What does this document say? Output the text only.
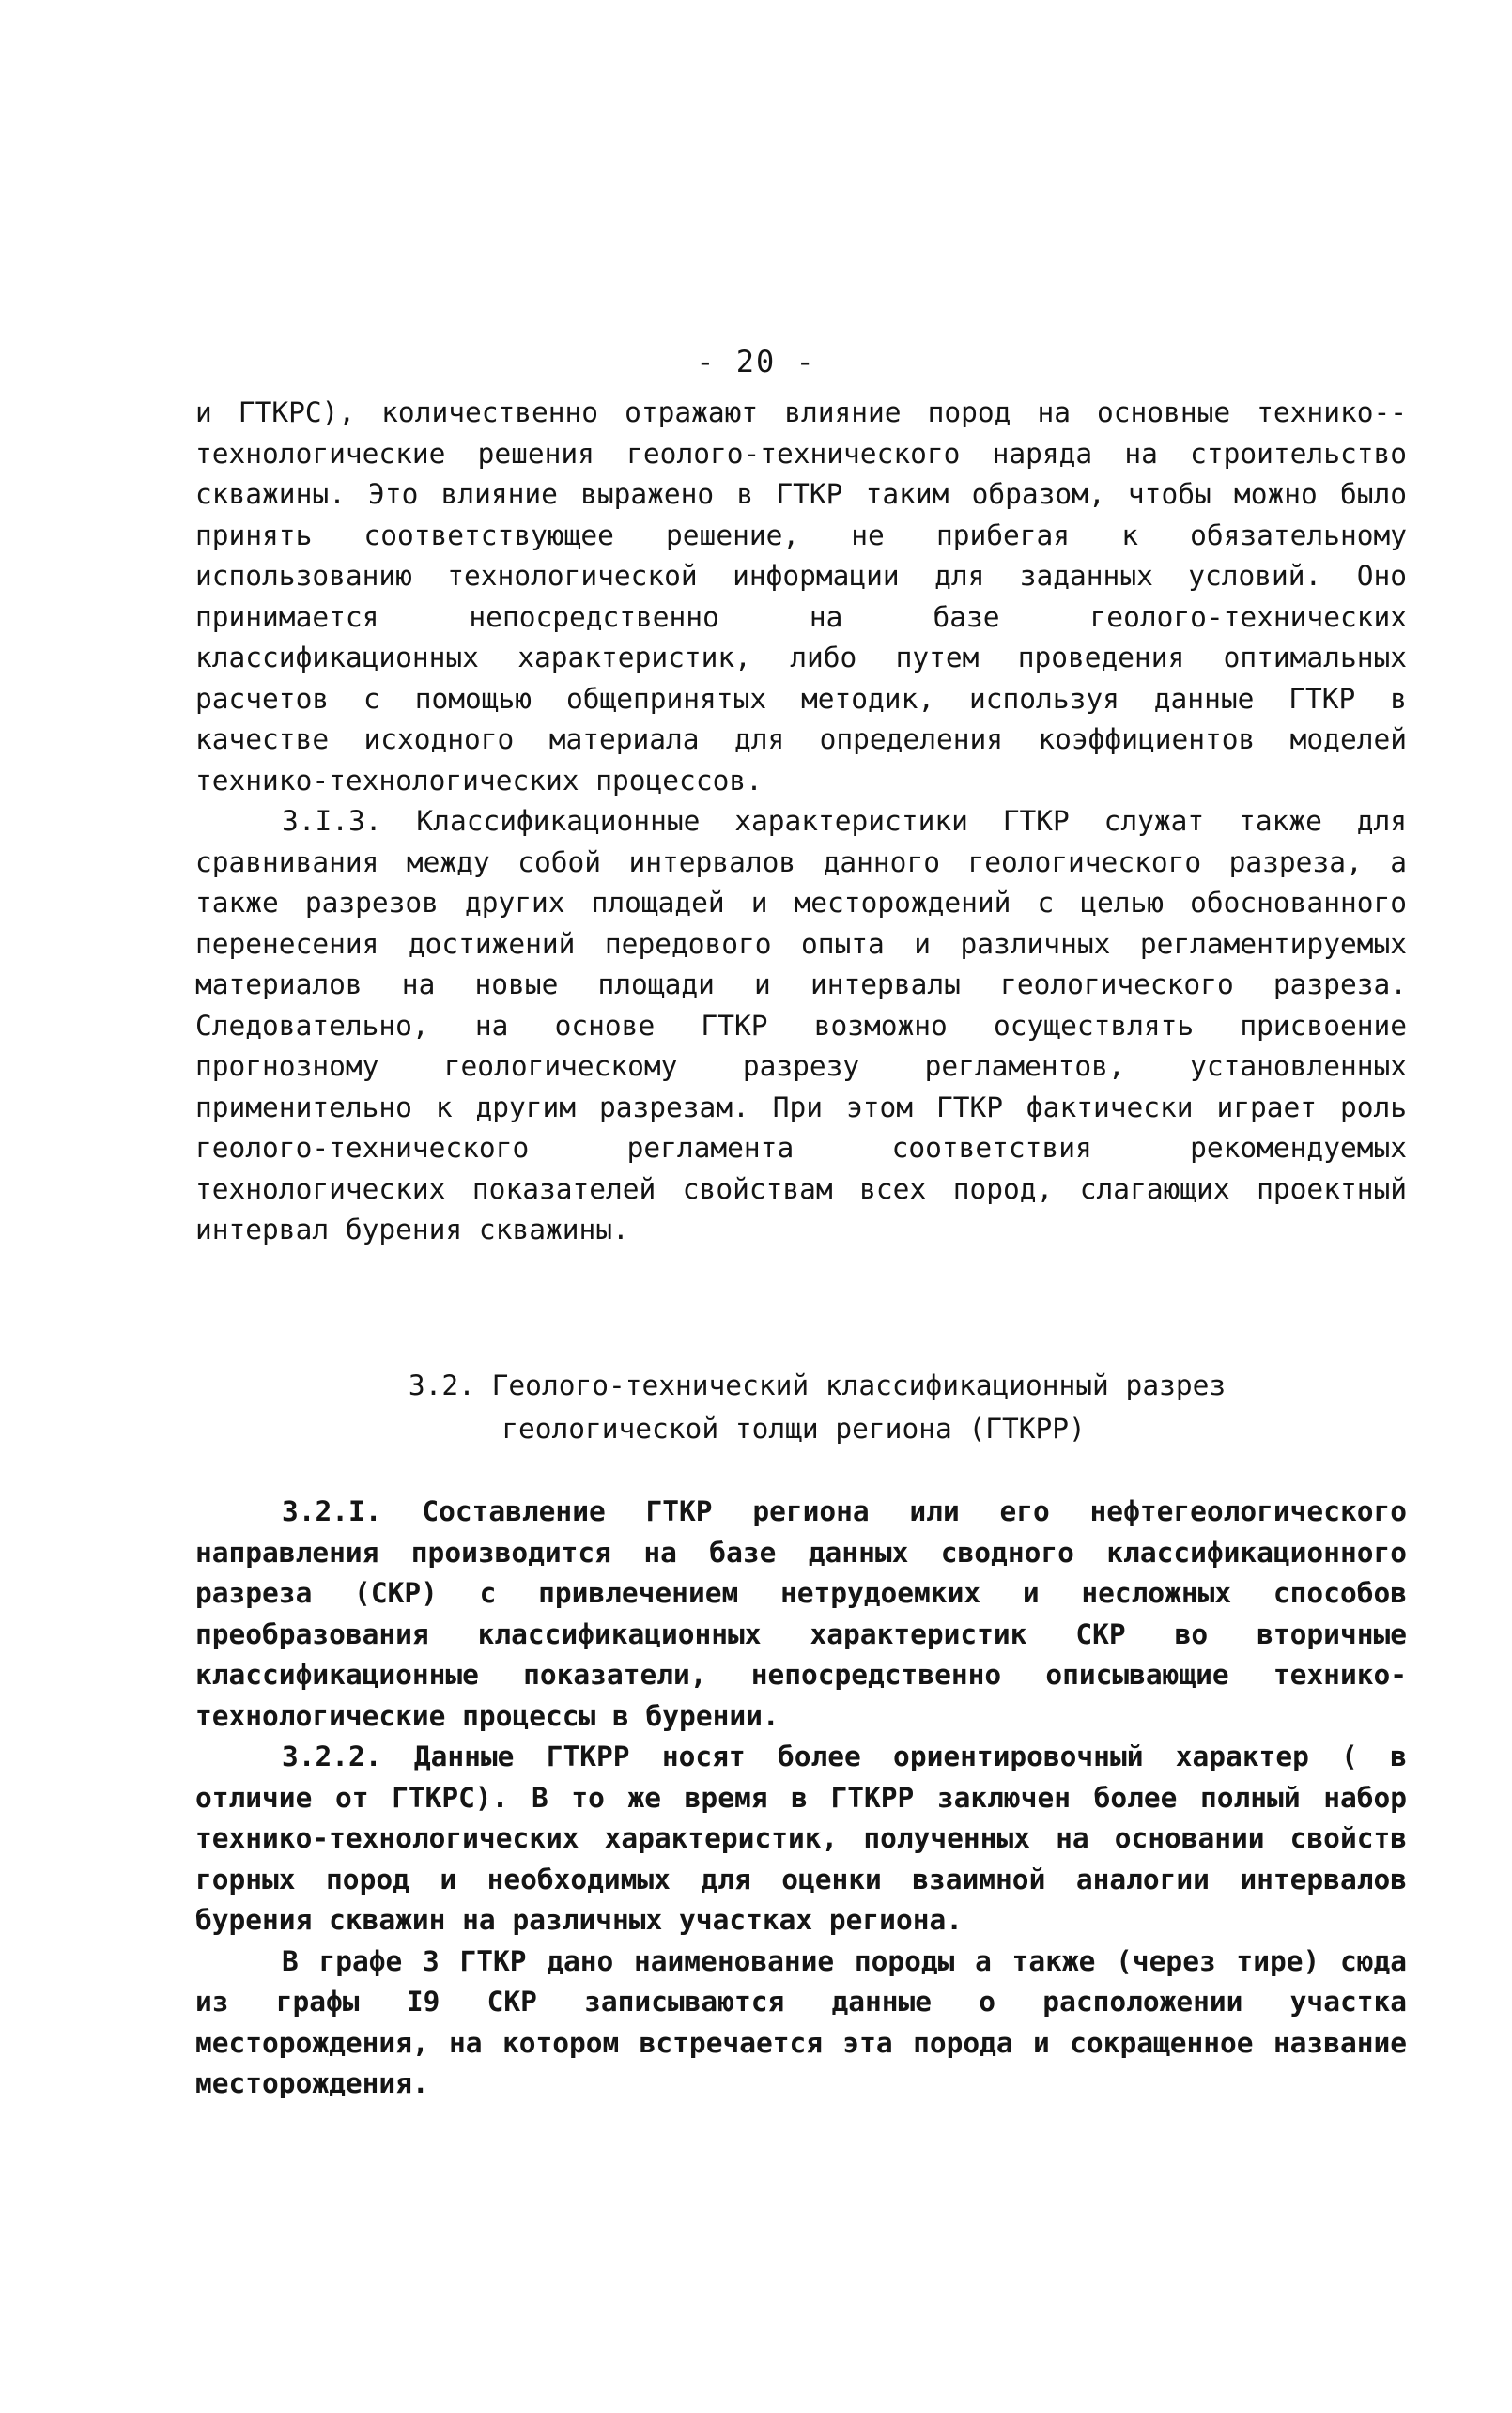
- 20 -

и ГТКРС), количественно отражают влияние пород на основные технико--технологические решения геолого-технического наряда на строительство скважины. Это влияние выражено в ГТКР таким образом, чтобы можно было принять соответствующее решение, не прибегая к обязательному использованию технологической информации для заданных условий. Оно принимается непосредственно на базе геолого-технических классификационных характеристик, либо путем проведения оптимальных расчетов с помощью общепринятых методик, используя данные ГТКР в качестве исходного материала для определения коэффициентов моделей технико-технологических процессов.

3.I.3. Классификационные характеристики ГТКР служат также для сравнивания между собой интервалов данного геологического разреза, а также разрезов других площадей и месторождений с целью обоснованного перенесения достижений передового опыта и различных регламентируемых материалов на новые площади и интервалы геологического разреза. Следовательно, на основе ГТКР возможно осуществлять присвоение прогнозному геологическому разрезу регламентов, установленных применительно к другим разрезам. При этом ГТКР фактически играет роль геолого-технического регламента соответствия рекомендуемых технологических показателей свойствам всех пород, слагающих проектный интервал бурения скважины.

3.2. Геолого-технический классификационный разрез
геологической толщи региона (ГТКРР)

3.2.I. Составление ГТКР региона или его нефтегеологического направления производится на базе данных сводного классификационного разреза (СКР) с привлечением нетрудоемких и несложных способов преобразования классификационных характеристик СКР во вторичные классификационные показатели, непосредственно описывающие технико- технологические процессы в бурении.

3.2.2. Данные ГТКРР носят более ориентировочный характер ( в отличие от ГТКРС). В то же время в ГТКРР заключен более полный набор технико-технологических характеристик, полученных на основании свойств горных пород и необходимых для оценки взаимной аналогии интервалов бурения скважин на различных участках региона.

В графе 3 ГТКР дано наименование породы а также (через тире) сюда из графы I9 СКР записываются данные о расположении участка месторождения, на котором встречается эта порода и сокращенное название месторождения.
